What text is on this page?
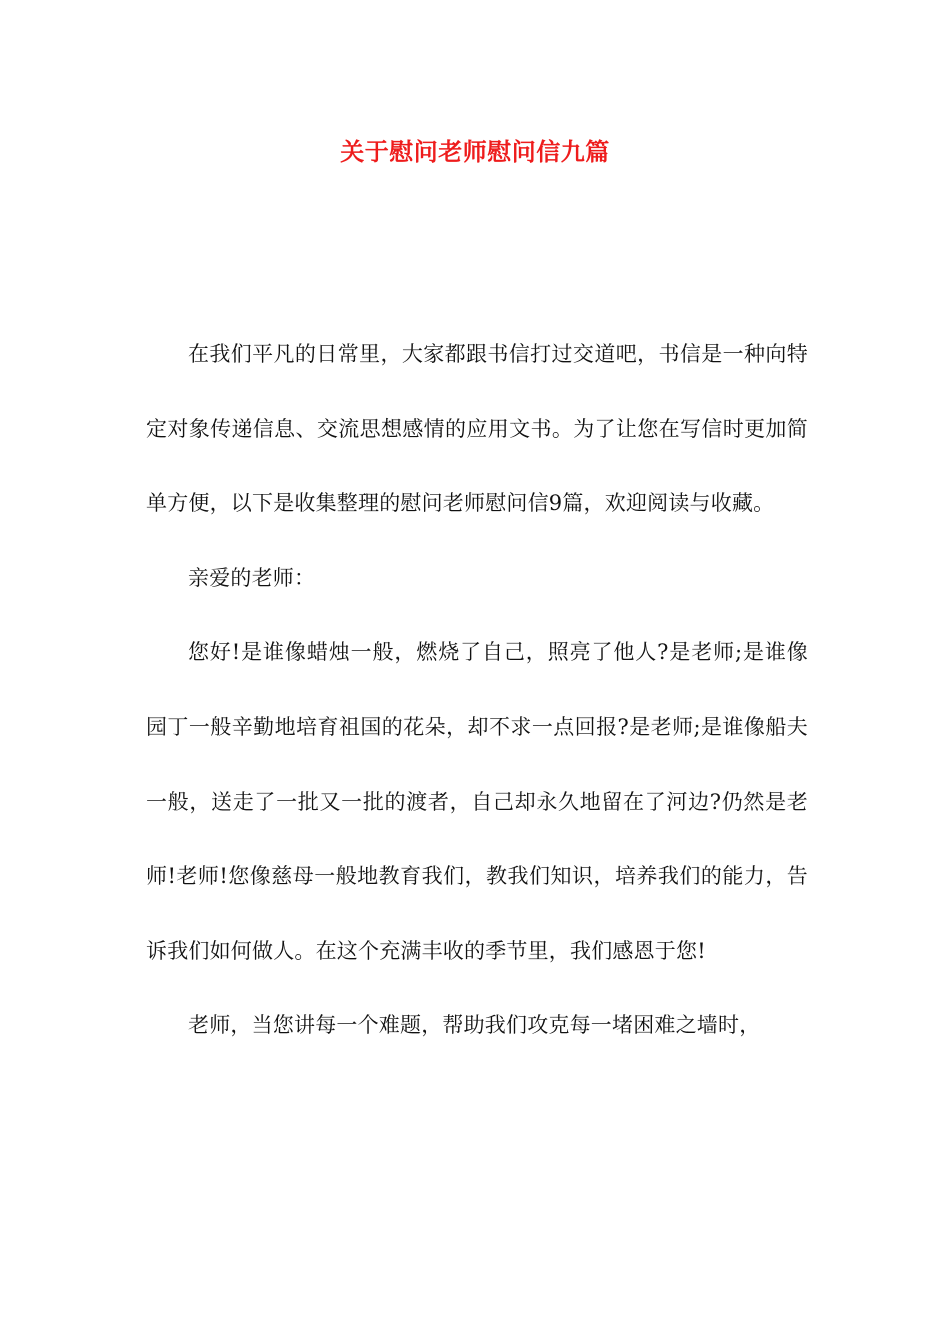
关于慰问老师慰问信九篇

在我们平凡的日常里，大家都跟书信打过交道吧，书信是一种向特定对象传递信息、交流思想感情的应用文书。为了让您在写信时更加简单方便，以下是收集整理的慰问老师慰问信9篇，欢迎阅读与收藏。

亲爱的老师：

您好!是谁像蜡烛一般，燃烧了自己，照亮了他人?是老师;是谁像园丁一般辛勤地培育祖国的花朵，却不求一点回报?是老师;是谁像船夫一般，送走了一批又一批的渡者，自己却永久地留在了河边?仍然是老师!老师!您像慈母一般地教育我们，教我们知识，培养我们的能力，告诉我们如何做人。在这个充满丰收的季节里，我们感恩于您!

老师，当您讲每一个难题，帮助我们攻克每一堵困难之墙时，
